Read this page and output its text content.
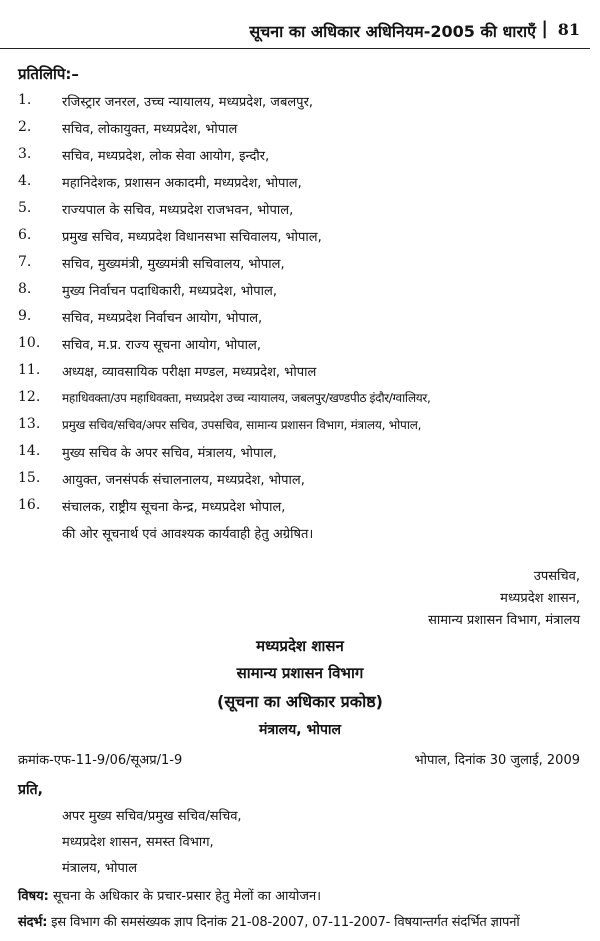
सूचना का अधिकार अधिनियम-2005 की धाराएँ | 81
प्रतिलिपि:–
1. रजिस्ट्रार जनरल, उच्च न्यायालय, मध्यप्रदेश, जबलपुर,
2. सचिव, लोकायुक्त, मध्यप्रदेश, भोपाल
3. सचिव, मध्यप्रदेश, लोक सेवा आयोग, इन्दौर,
4. महानिदेशक, प्रशासन अकादमी, मध्यप्रदेश, भोपाल,
5. राज्यपाल के सचिव, मध्यप्रदेश राजभवन, भोपाल,
6. प्रमुख सचिव, मध्यप्रदेश विधानसभा सचिवालय, भोपाल,
7. सचिव, मुख्यमंत्री, मुख्यमंत्री सचिवालय, भोपाल,
8. मुख्य निर्वाचन पदाधिकारी, मध्यप्रदेश, भोपाल,
9. सचिव, मध्यप्रदेश निर्वाचन आयोग, भोपाल,
10. सचिव, म.प्र. राज्य सूचना आयोग, भोपाल,
11. अध्यक्ष, व्यावसायिक परीक्षा मण्डल, मध्यप्रदेश, भोपाल
12. महाधिवक्ता/उप महाधिवक्ता, मध्यप्रदेश उच्च न्यायालय, जबलपुर/खण्डपीठ इंदौर/ग्वालियर,
13. प्रमुख सचिव/सचिव/अपर सचिव, उपसचिव, सामान्य प्रशासन विभाग, मंत्रालय, भोपाल,
14. मुख्य सचिव के अपर सचिव, मंत्रालय, भोपाल,
15. आयुक्त, जनसंपर्क संचालनालय, मध्यप्रदेश, भोपाल,
16. संचालक, राष्ट्रीय सूचना केन्द्र, मध्यप्रदेश भोपाल,
की ओर सूचनार्थ एवं आवश्यक कार्यवाही हेतु अग्रेषित।
उपसचिव,
मध्यप्रदेश शासन,
सामान्य प्रशासन विभाग, मंत्रालय
मध्यप्रदेश शासन
सामान्य प्रशासन विभाग
(सूचना का अधिकार प्रकोष्ठ)
मंत्रालय, भोपाल
क्रमांक-एफ-11-9/06/सूअप्र/1-9	भोपाल, दिनांक 30 जुलाई, 2009
प्रति,
अपर मुख्य सचिव/प्रमुख सचिव/सचिव,
मध्यप्रदेश शासन, समस्त विभाग,
मंत्रालय, भोपाल
विषय: सूचना के अधिकार के प्रचार-प्रसार हेतु मेलों का आयोजन।
संदर्भ: इस विभाग की समसंख्यक ज्ञाप दिनांक 21-08-2007, 07-11-2007- विषयान्तर्गत संदर्भित ज्ञापनों
